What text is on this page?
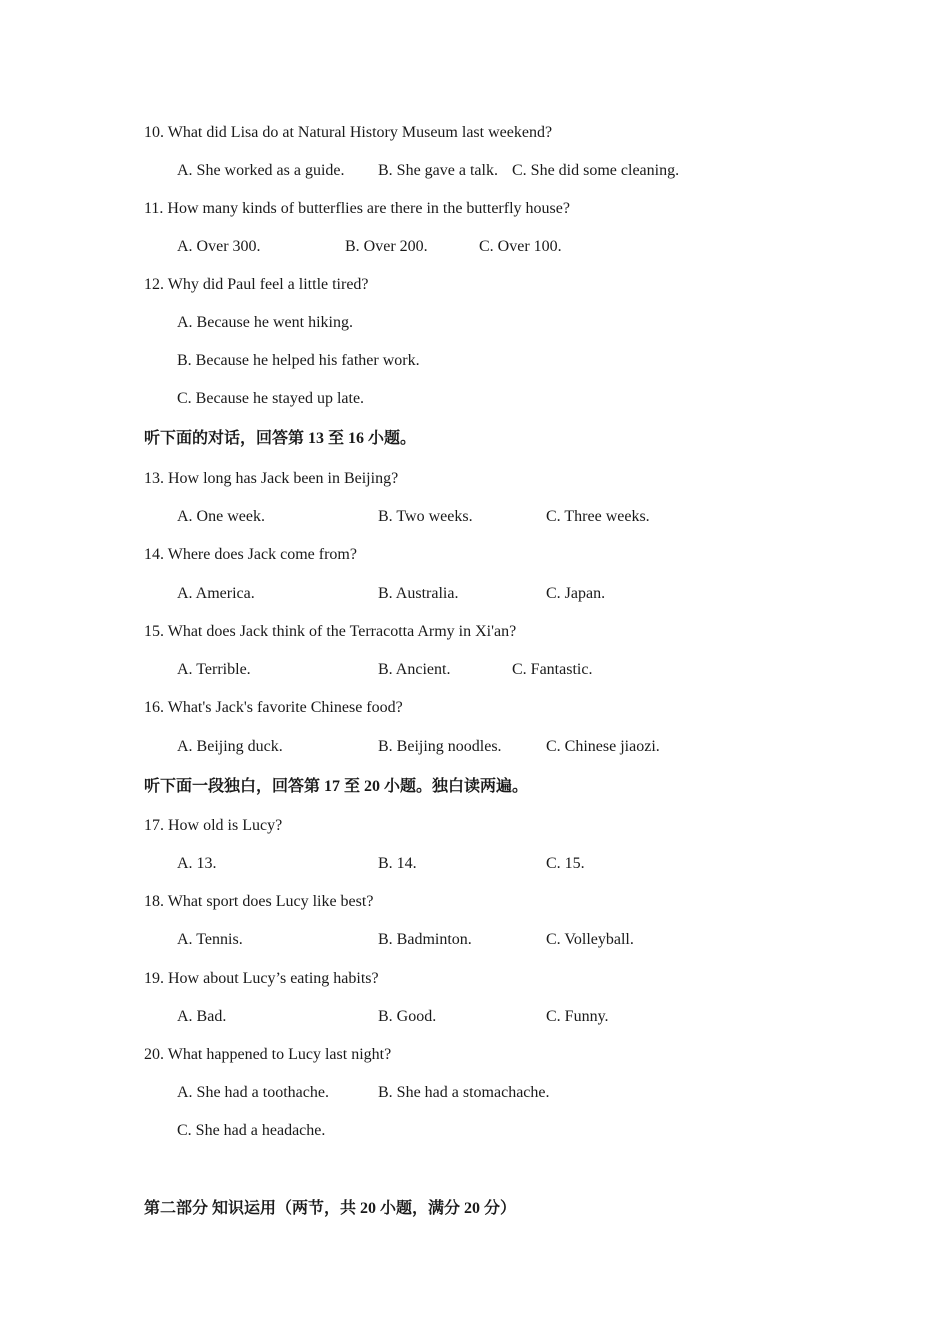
10. What did Lisa do at Natural History Museum last weekend?
A. She worked as a guide. B. She gave a talk. C. She did some cleaning.
11. How many kinds of butterflies are there in the butterfly house?
A. Over 300.	B. Over 200.	C. Over 100.
12. Why did Paul feel a little tired?
A. Because he went hiking.
B. Because he helped his father work.
C. Because he stayed up late.
听下面的对话，回答第 13 至 16 小题。
13. How long has Jack been in Beijing?
A. One week.	B. Two weeks.	C. Three weeks.
14. Where does Jack come from?
A. America.	B. Australia.	C. Japan.
15. What does Jack think of the Terracotta Army in Xi'an?
A. Terrible.	B. Ancient.	C. Fantastic.
16. What's Jack's favorite Chinese food?
A. Beijing duck.	B. Beijing noodles.	C. Chinese jiaozi.
听下面一段独白，回答第 17 至 20 小题。独白读两遍。
17. How old is Lucy?
A. 13.	B. 14.	C. 15.
18. What sport does Lucy like best?
A. Tennis.	B. Badminton.	C. Volleyball.
19. How about Lucy’s eating habits?
A. Bad.	B. Good.	C. Funny.
20. What happened to Lucy last night?
A. She had a toothache.	B. She had a stomachache.
C. She had a headache.
第二部分 知识运用（两节，共 20 小题，满分 20 分）
